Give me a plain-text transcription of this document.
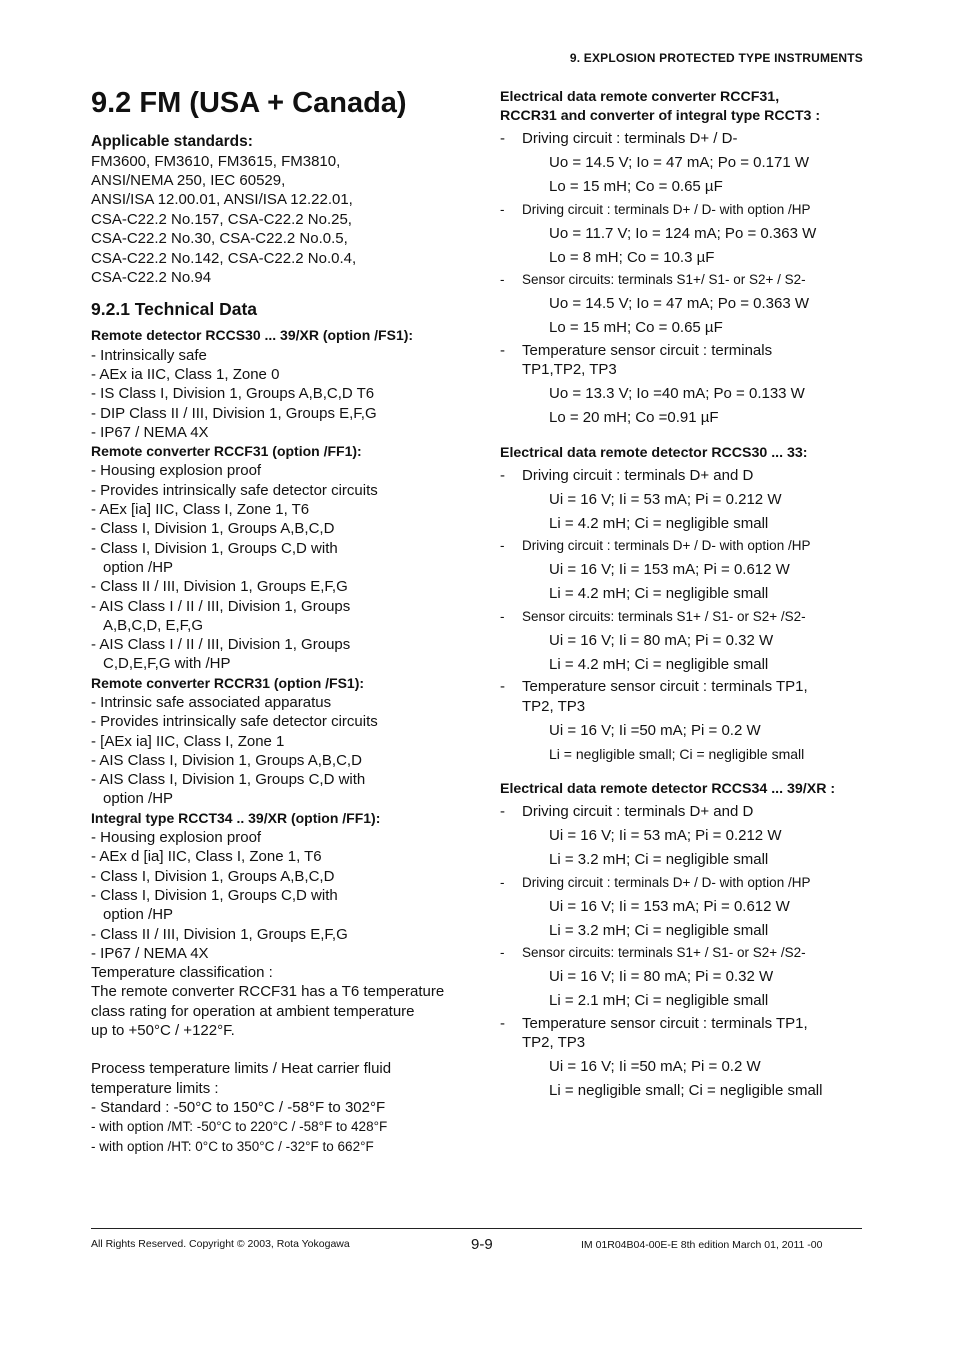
9. EXPLOSION PROTECTED TYPE INSTRUMENTS
9.2 FM (USA + Canada)
Applicable standards:
FM3600, FM3610, FM3615, FM3810,
ANSI/NEMA 250, IEC 60529,
ANSI/ISA 12.00.01, ANSI/ISA 12.22.01,
CSA-C22.2 No.157, CSA-C22.2 No.25,
CSA-C22.2 No.30, CSA-C22.2 No.0.5,
CSA-C22.2 No.142, CSA-C22.2 No.0.4,
CSA-C22.2 No.94
9.2.1 Technical Data
Remote detector RCCS30 ... 39/XR (option /FS1):
- Intrinsically safe
- AEx ia IIC, Class 1, Zone 0
- IS Class I, Division 1, Groups A,B,C,D T6
- DIP Class II / III, Division 1, Groups E,F,G
- IP67 / NEMA 4X
Remote converter RCCF31 (option /FF1):
- Housing explosion proof
- Provides intrinsically safe detector circuits
- AEx [ia] IIC, Class I, Zone 1, T6
- Class I, Division 1, Groups A,B,C,D
- Class I, Division 1, Groups C,D with
option /HP
- Class II / III, Division 1, Groups E,F,G
- AIS Class I / II / III, Division 1, Groups
A,B,C,D, E,F,G
- AIS Class I / II / III, Division 1, Groups
C,D,E,F,G with /HP
Remote converter RCCR31 (option /FS1):
- Intrinsic safe associated apparatus
- Provides intrinsically safe detector circuits
- [AEx ia] IIC, Class I, Zone 1
- AIS Class I, Division 1, Groups A,B,C,D
- AIS Class I, Division 1, Groups C,D with
option /HP
Integral type RCCT34 .. 39/XR (option /FF1):
- Housing explosion proof
- AEx d [ia] IIC, Class I, Zone 1, T6
- Class I, Division 1, Groups A,B,C,D
- Class I, Division 1, Groups C,D with
option /HP
- Class II / III, Division 1, Groups E,F,G
- IP67 / NEMA 4X
Temperature classification :
The remote converter RCCF31 has a T6 temperature
class rating for operation at ambient temperature
up to +50°C / +122°F.
Process temperature limits / Heat carrier fluid
temperature limits :
- Standard : -50°C to 150°C / -58°F to 302°F
- with option /MT: -50°C to 220°C / -58°F to 428°F
- with option /HT: 0°C to 350°C / -32°F to 662°F
Electrical data remote converter RCCF31,
RCCR31 and converter of integral type RCCT3 :
-	Driving circuit : terminals D+ / D-
Uo = 14.5 V; Io = 47 mA; Po = 0.171 W
Lo = 15 mH; Co = 0.65 µF
-	Driving circuit : terminals D+ / D- with option /HP
Uo = 11.7 V; Io = 124 mA; Po = 0.363 W
Lo = 8 mH; Co = 10.3 µF
-	Sensor circuits: terminals S1+/ S1- or S2+ / S2-
Uo = 14.5 V; Io = 47 mA; Po = 0.363 W
Lo = 15 mH; Co = 0.65 µF
-	Temperature sensor circuit : terminals
TP1,TP2, TP3
Uo = 13.3 V; Io =40 mA; Po = 0.133 W
Lo = 20 mH; Co =0.91 µF
Electrical data remote detector RCCS30 ... 33:
-	Driving circuit : terminals D+ and D
Ui = 16 V; Ii = 53 mA; Pi = 0.212 W
Li = 4.2 mH; Ci = negligible small
-	Driving circuit : terminals D+ / D- with option /HP
Ui = 16 V; Ii = 153 mA; Pi = 0.612 W
Li = 4.2 mH; Ci = negligible small
-	Sensor circuits: terminals S1+ / S1- or S2+ /S2-
Ui = 16 V; Ii = 80 mA; Pi = 0.32 W
Li = 4.2 mH; Ci = negligible small
-	Temperature sensor circuit : terminals TP1,
TP2, TP3
Ui = 16 V; Ii =50 mA; Pi = 0.2 W
Li = negligible small; Ci = negligible small
Electrical data remote detector RCCS34 ... 39/XR :
-	Driving circuit : terminals D+ and D
Ui = 16 V; Ii = 53 mA; Pi = 0.212 W
Li = 3.2 mH; Ci = negligible small
-	Driving circuit : terminals D+ / D- with option /HP
Ui = 16 V; Ii = 153 mA; Pi = 0.612 W
Li = 3.2 mH; Ci = negligible small
-	Sensor circuits: terminals S1+ / S1- or S2+ /S2-
Ui = 16 V; Ii = 80 mA; Pi = 0.32 W
Li = 2.1 mH; Ci = negligible small
-	Temperature sensor circuit : terminals TP1,
TP2, TP3
Ui = 16 V; Ii =50 mA; Pi = 0.2 W
Li = negligible small; Ci = negligible small
All Rights Reserved. Copyright © 2003, Rota Yokogawa	9-9	IM 01R04B04-00E-E 8th edition March 01, 2011 -00
